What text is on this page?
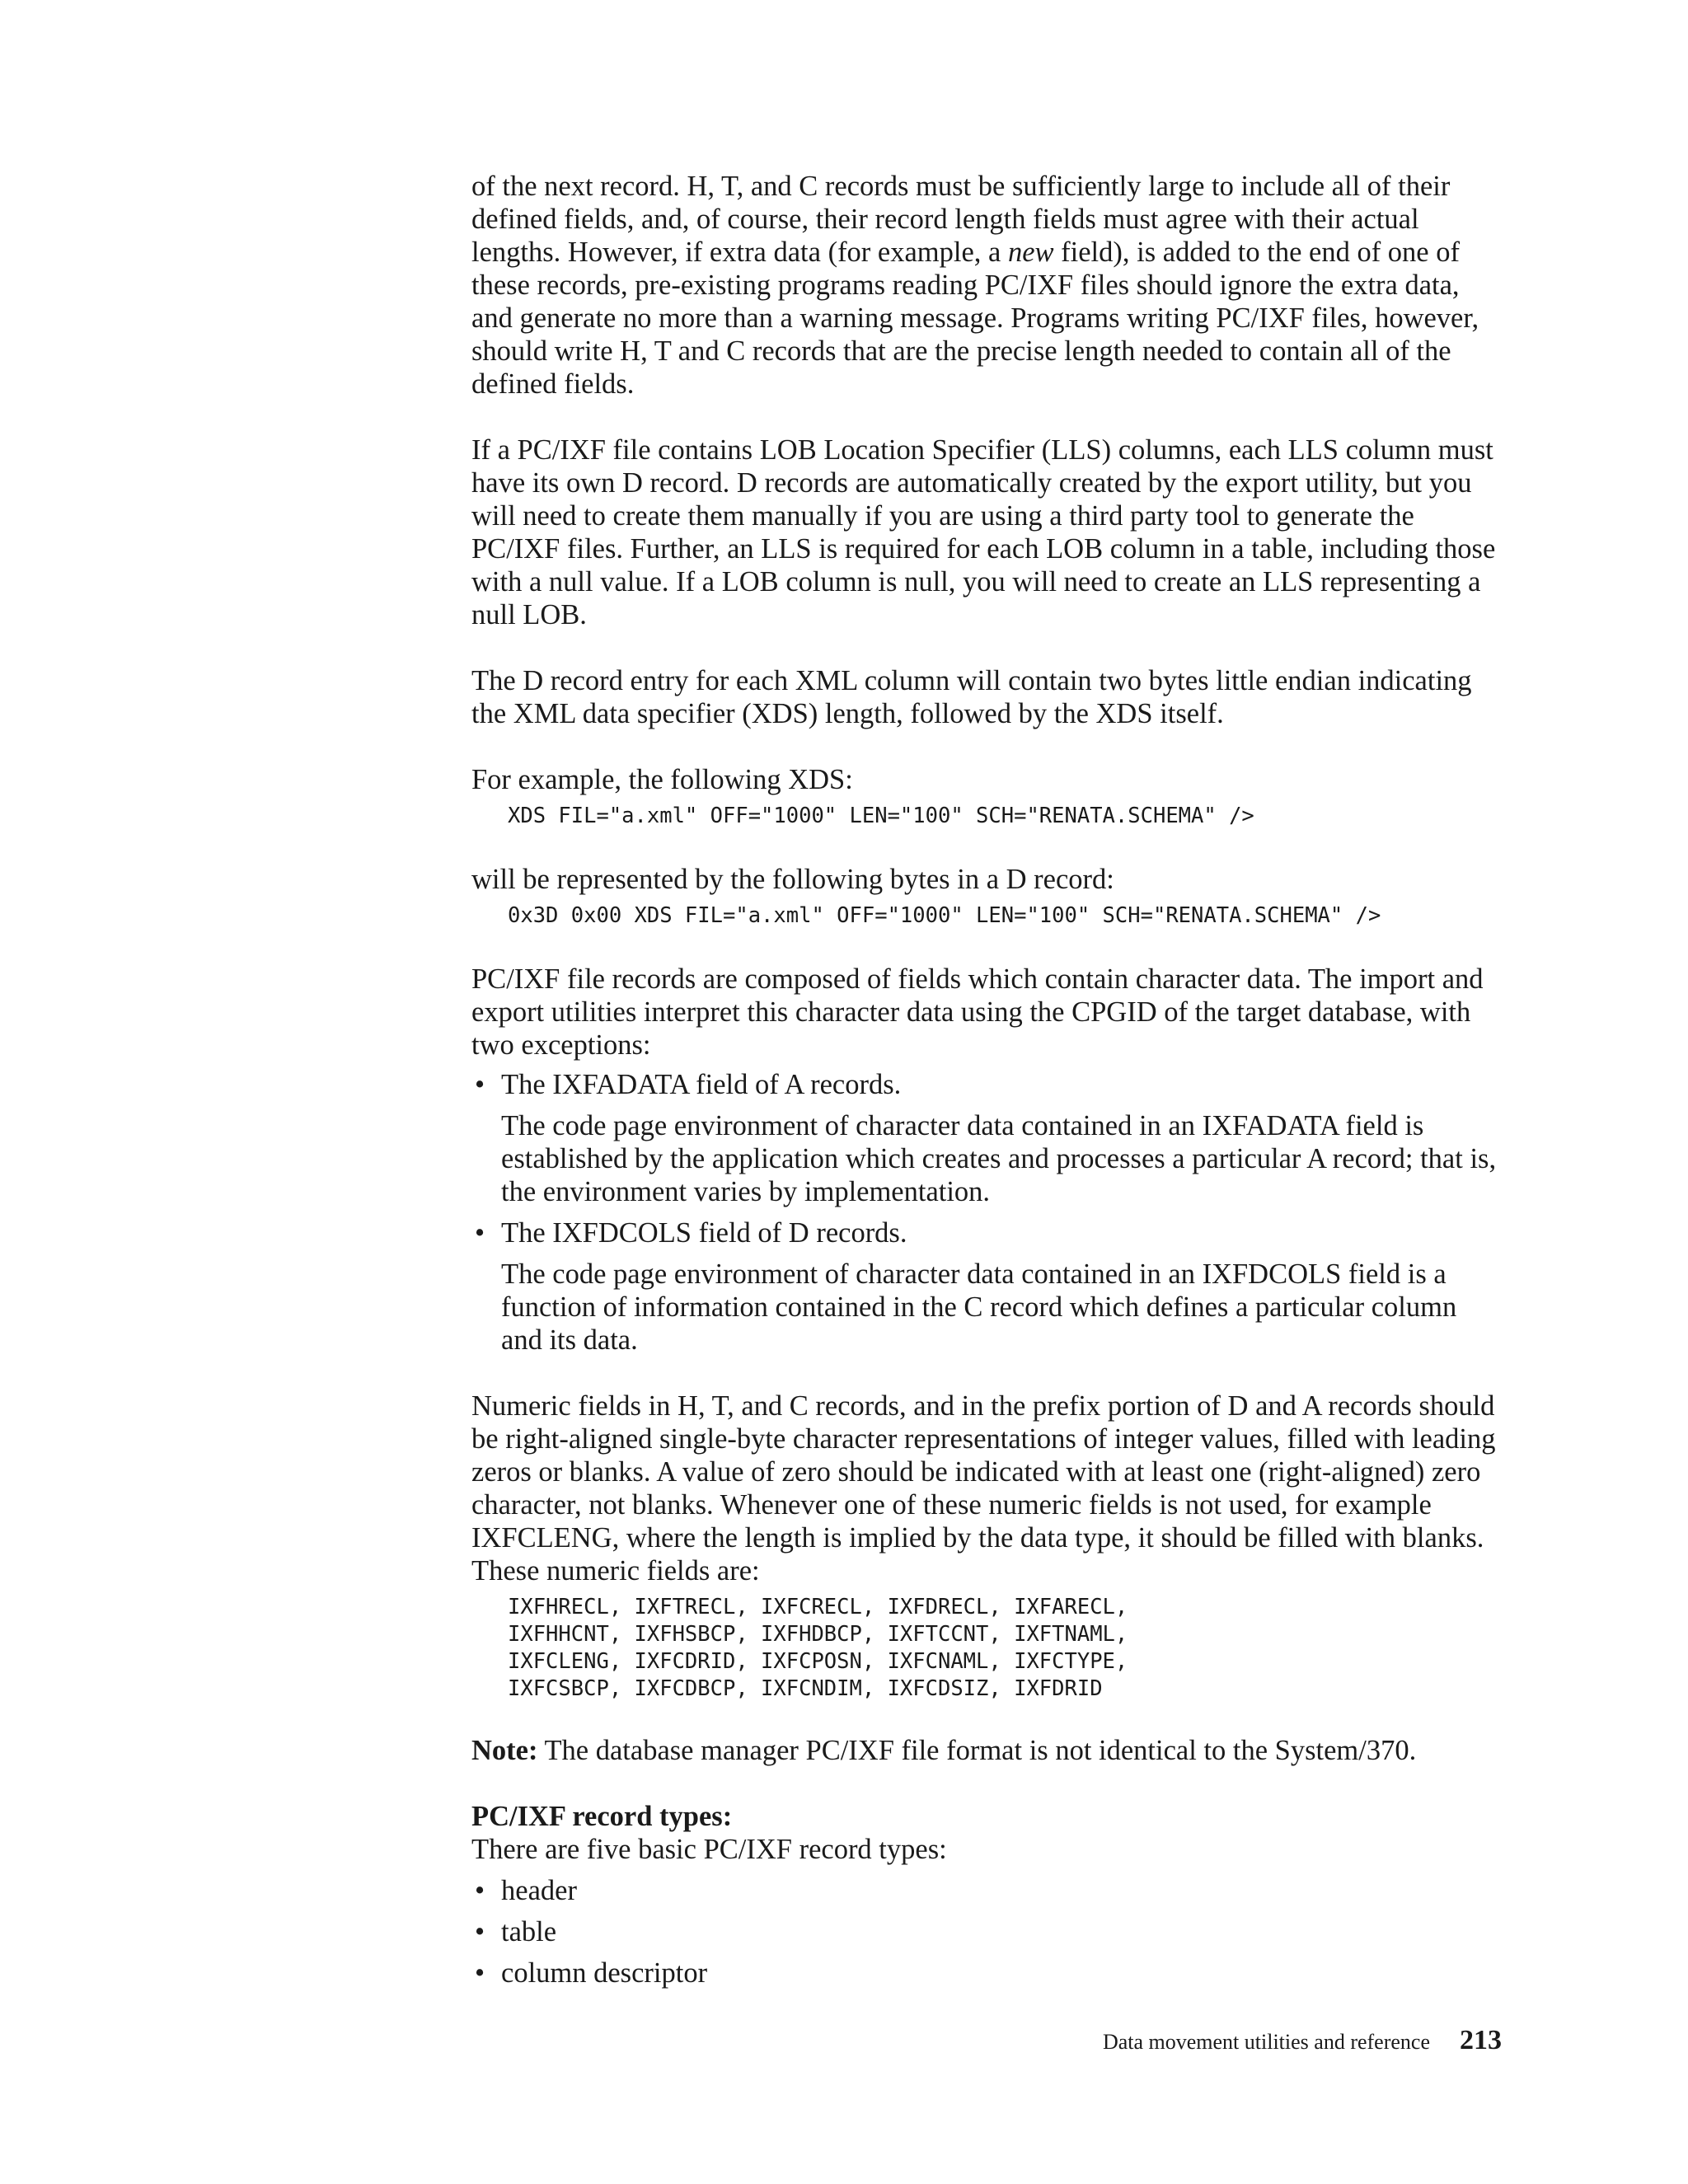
of the next record. H, T, and C records must be sufficiently large to include all of their defined fields, and, of course, their record length fields must agree with their actual lengths. However, if extra data (for example, a new field), is added to the end of one of these records, pre-existing programs reading PC/IXF files should ignore the extra data, and generate no more than a warning message. Programs writing PC/IXF files, however, should write H, T and C records that are the precise length needed to contain all of the defined fields.

If a PC/IXF file contains LOB Location Specifier (LLS) columns, each LLS column must have its own D record. D records are automatically created by the export utility, but you will need to create them manually if you are using a third party tool to generate the PC/IXF files. Further, an LLS is required for each LOB column in a table, including those with a null value. If a LOB column is null, you will need to create an LLS representing a null LOB.

The D record entry for each XML column will contain two bytes little endian indicating the XML data specifier (XDS) length, followed by the XDS itself.

For example, the following XDS:

XDS FIL="a.xml" OFF="1000" LEN="100" SCH="RENATA.SCHEMA" />

will be represented by the following bytes in a D record:

0x3D 0x00 XDS FIL="a.xml" OFF="1000" LEN="100" SCH="RENATA.SCHEMA" />

PC/IXF file records are composed of fields which contain character data. The import and export utilities interpret this character data using the CPGID of the target database, with two exceptions:

• The IXFADATA field of A records.
The code page environment of character data contained in an IXFADATA field is established by the application which creates and processes a particular A record; that is, the environment varies by implementation.
• The IXFDCOLS field of D records.
The code page environment of character data contained in an IXFDCOLS field is a function of information contained in the C record which defines a particular column and its data.

Numeric fields in H, T, and C records, and in the prefix portion of D and A records should be right-aligned single-byte character representations of integer values, filled with leading zeros or blanks. A value of zero should be indicated with at least one (right-aligned) zero character, not blanks. Whenever one of these numeric fields is not used, for example IXFCLENG, where the length is implied by the data type, it should be filled with blanks. These numeric fields are:

IXFHRECL, IXFTRECL, IXFCRECL, IXFDRECL, IXFARECL,
IXFHHCNT, IXFHSBCP, IXFHDBCP, IXFTCCNT, IXFTNAML,
IXFCLENG, IXFCDRID, IXFCPOSN, IXFCNAML, IXFCTYPE,
IXFCSBCP, IXFCDBCP, IXFCNDIM, IXFCDSIZ, IXFDRID

Note: The database manager PC/IXF file format is not identical to the System/370.

PC/IXF record types:

There are five basic PC/IXF record types:

• header
• table
• column descriptor
Data movement utilities and reference 213
